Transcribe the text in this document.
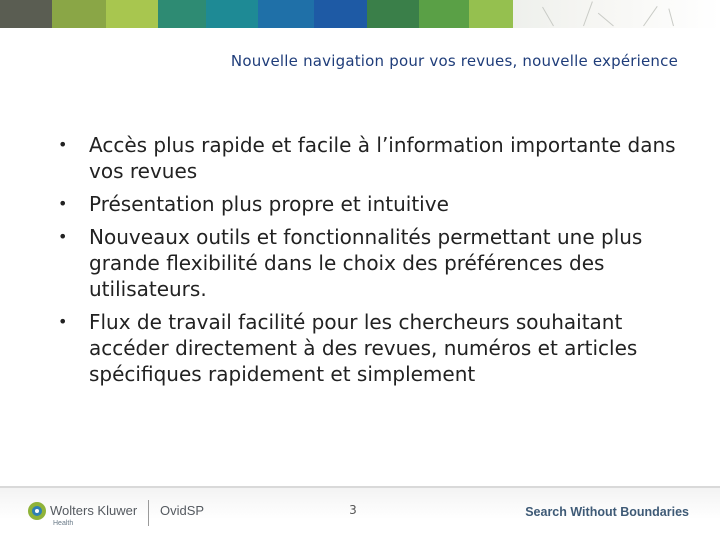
Nouvelle navigation pour vos revues, nouvelle expérience
• Accès plus rapide et facile à l’information importante dans vos revues
• Présentation plus propre et intuitive
• Nouveaux outils et fonctionnalités permettant une plus grande flexibilité dans le choix des préférences des utilisateurs.
• Flux de travail facilité pour les chercheurs souhaitant accéder directement à des revues, numéros et articles spécifiques rapidement et simplement
Wolters Kluwer
Health
OvidSP	3	Search Without Boundaries
